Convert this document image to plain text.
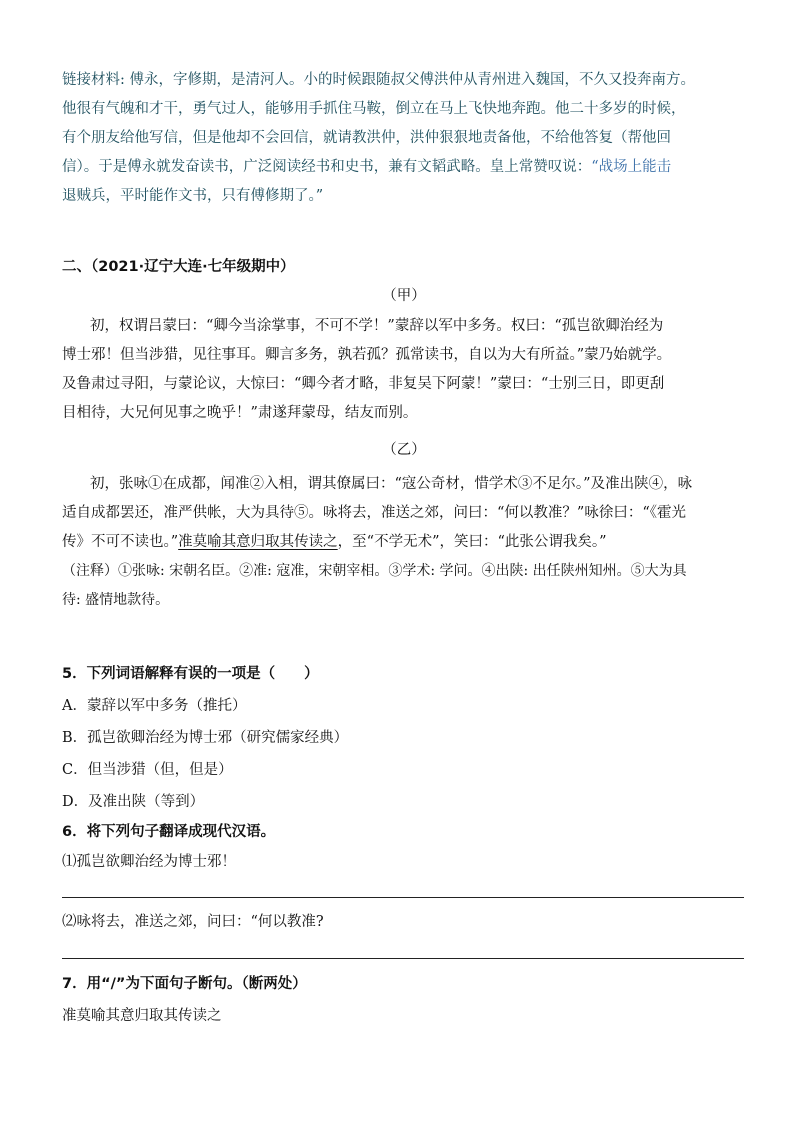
链接材料: 傅永，字修期，是清河人。小的时候跟随叔父傅洪仲从青州进入魏国，不久又投奔南方。
他很有气魄和才干，勇气过人，能够用手抓住马鞍，倒立在马上飞快地奔跑。他二十多岁的时候，
有个朋友给他写信，但是他却不会回信，就请教洪仲，洪仲狠狠地责备他，不给他答复（帮他回
信）。于是傅永就发奋读书，广泛阅读经书和史书，兼有文韬武略。皇上常赞叹说：“战场上能击
退贼兵，平时能作文书，只有傅修期了。”
二、（2021·辽宁大连·七年级期中）
（甲）
初，权谓吕蒙曰：“卿今当涂掌事，不可不学！”蒙辞以军中多务。权曰：“孤岂欲卿治经为
博士邪！但当涉猎，见往事耳。卿言多务，孰若孤？孤常读书，自以为大有所益。”蒙乃始就学。
及鲁肃过寻阳，与蒙论议，大惊曰：“卿今者才略，非复吴下阿蒙！”蒙曰：“士别三日，即更刮
目相待，大兄何见事之晚乎！”肃遂拜蒙母，结友而别。
（乙）
初，张咏①在成都，闻准②入相，谓其僚属曰：“寇公奇材，惜学术③不足尔。”及准出陕④，咏
适自成都罢还，准严供帐，大为具待⑤。咏将去，准送之郊，问曰：“何以教准？”咏徐曰：“《霍光
传》不可不读也。”准莫喻其意归取其传读之，至“不学无术”，笑曰：“此张公谓我矣。”
（注释）①张咏: 宋朝名臣。②准: 寇准，宋朝宰相。③学术: 学问。④出陕: 出任陕州知州。⑤大为具
待: 盛情地款待。
5．下列词语解释有误的一项是（　　）
A．蒙辞以军中多务（推托）
B．孤岂欲卿治经为博士邪（研究儒家经典）
C．但当涉猎（但，但是）
D．及准出陕（等到）
6．将下列句子翻译成现代汉语。
⑴孤岂欲卿治经为博士邪！
⑵咏将去，准送之郊，问曰：“何以教准?
7．用“/”为下面句子断句。（断两处）
准莫喻其意归取其传读之
